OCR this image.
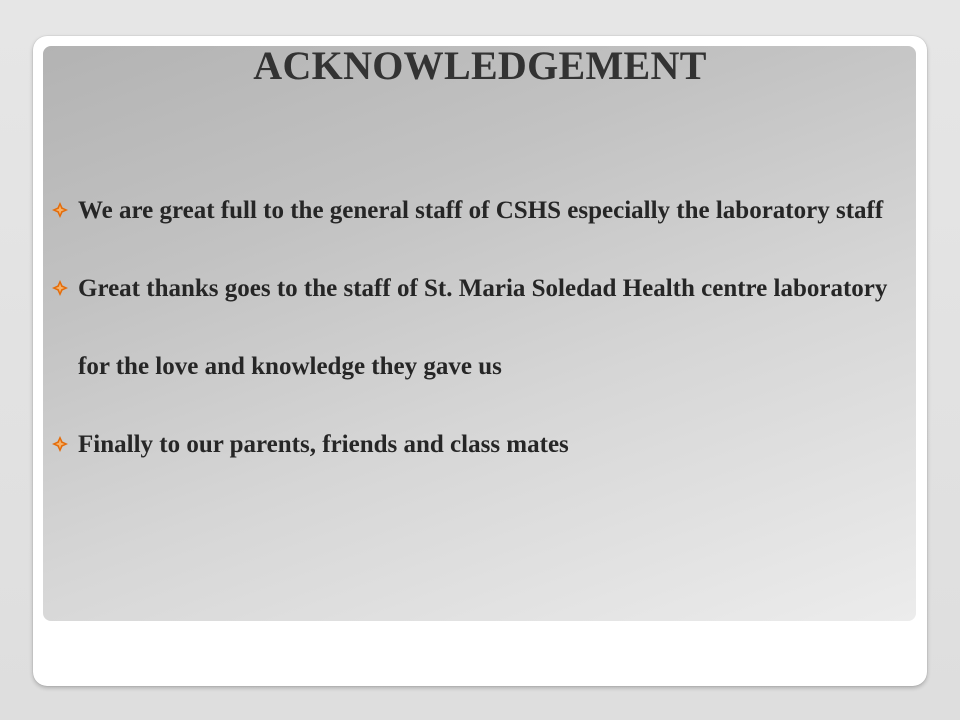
ACKNOWLEDGEMENT
We are great full to the general staff of CSHS especially the laboratory staff
Great thanks goes to the staff of St. Maria Soledad Health centre laboratory for the love and knowledge they gave us
Finally to our parents, friends and class mates
